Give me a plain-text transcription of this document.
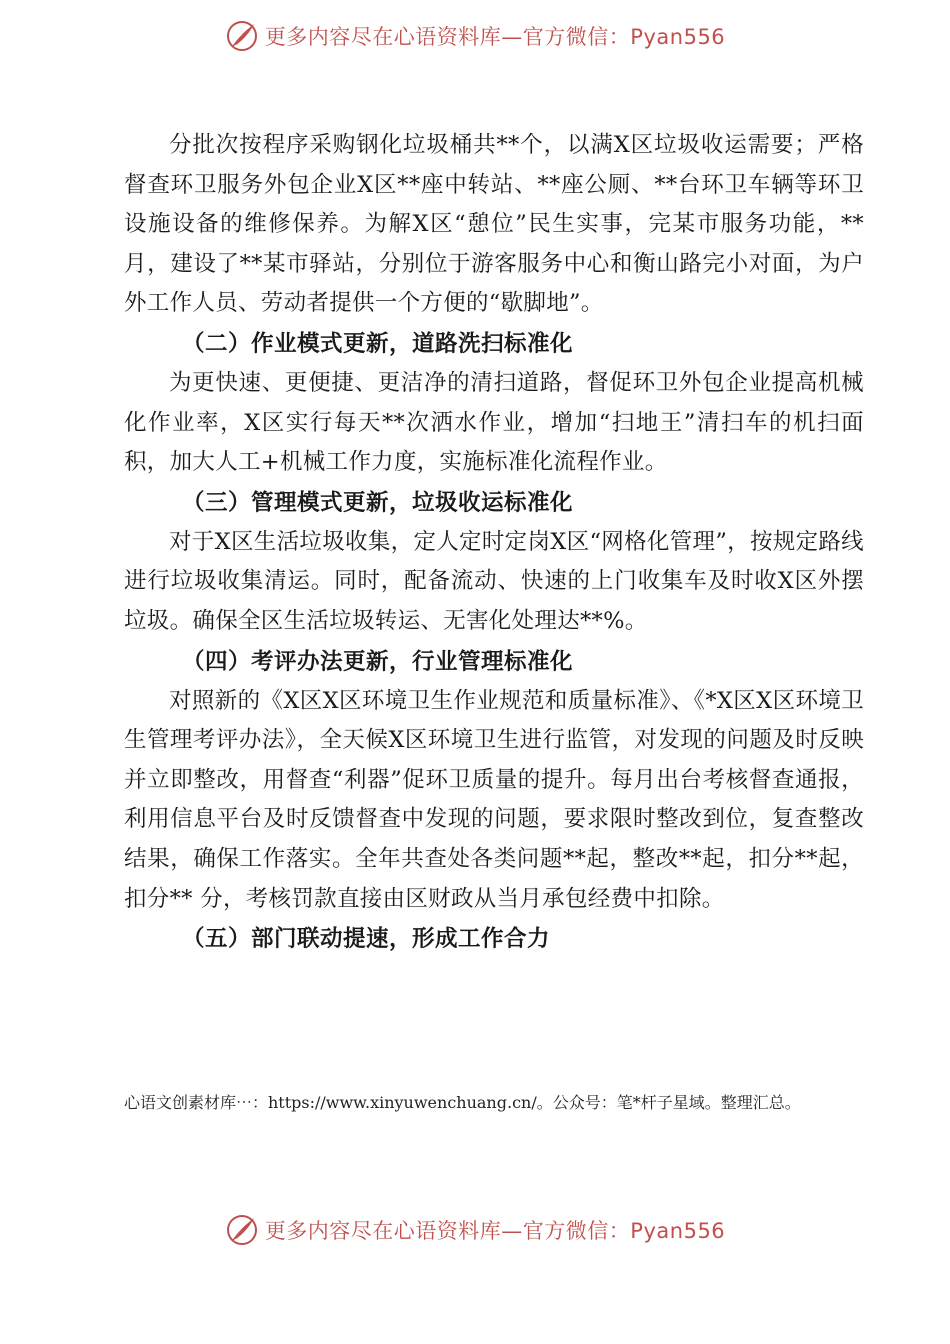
更多内容尽在心语资料库—官方微信：Pyan556

分批次按程序采购钢化垃圾桶共**个，以满X区垃圾收运需要；严格督查环卫服务外包企业X区**座中转站、**座公厕、**台环卫车辆等环卫设施设备的维修保养。为解X区“憩位”民生实事，完某市服务功能，**月，建设了**某市驿站，分别位于游客服务中心和衡山路完小对面，为户外工作人员、劳动者提供一个方便的“歇脚地”。

（二）作业模式更新，道路洗扫标准化

为更快速、更便捷、更洁净的清扫道路，督促环卫外包企业提高机械化作业率，X区实行每天**次洒水作业，增加“扫地王”清扫车的机扫面积，加大人工+机械工作力度，实施标准化流程作业。

（三）管理模式更新，垃圾收运标准化

对于X区生活垃圾收集，定人定时定岗X区“网格化管理”，按规定路线进行垃圾收集清运。同时，配备流动、快速的上门收集车及时收X区外摆垃圾。确保全区生活垃圾转运、无害化处理达**%。

（四）考评办法更新，行业管理标准化

对照新的《X区X区环境卫生作业规范和质量标准》、《*X区X区环境卫生管理考评办法》，全天候X区环境卫生进行监管，对发现的问题及时反映并立即整改，用督查“利器”促环卫质量的提升。每月出台考核督查通报，利用信息平台及时反馈督查中发现的问题，要求限时整改到位，复查整改结果，确保工作落实。全年共查处各类问题**起，整改**起，扣分**起，扣分** 分，考核罚款直接由区财政从当月承包经费中扣除。

（五）部门联动提速，形成工作合力

心语文创素材库⋯：https://www.xinyuwenchuang.cn/。公众号：笔*杆子星域。整理汇总。
更多内容尽在心语资料库—官方微信：Pyan556
